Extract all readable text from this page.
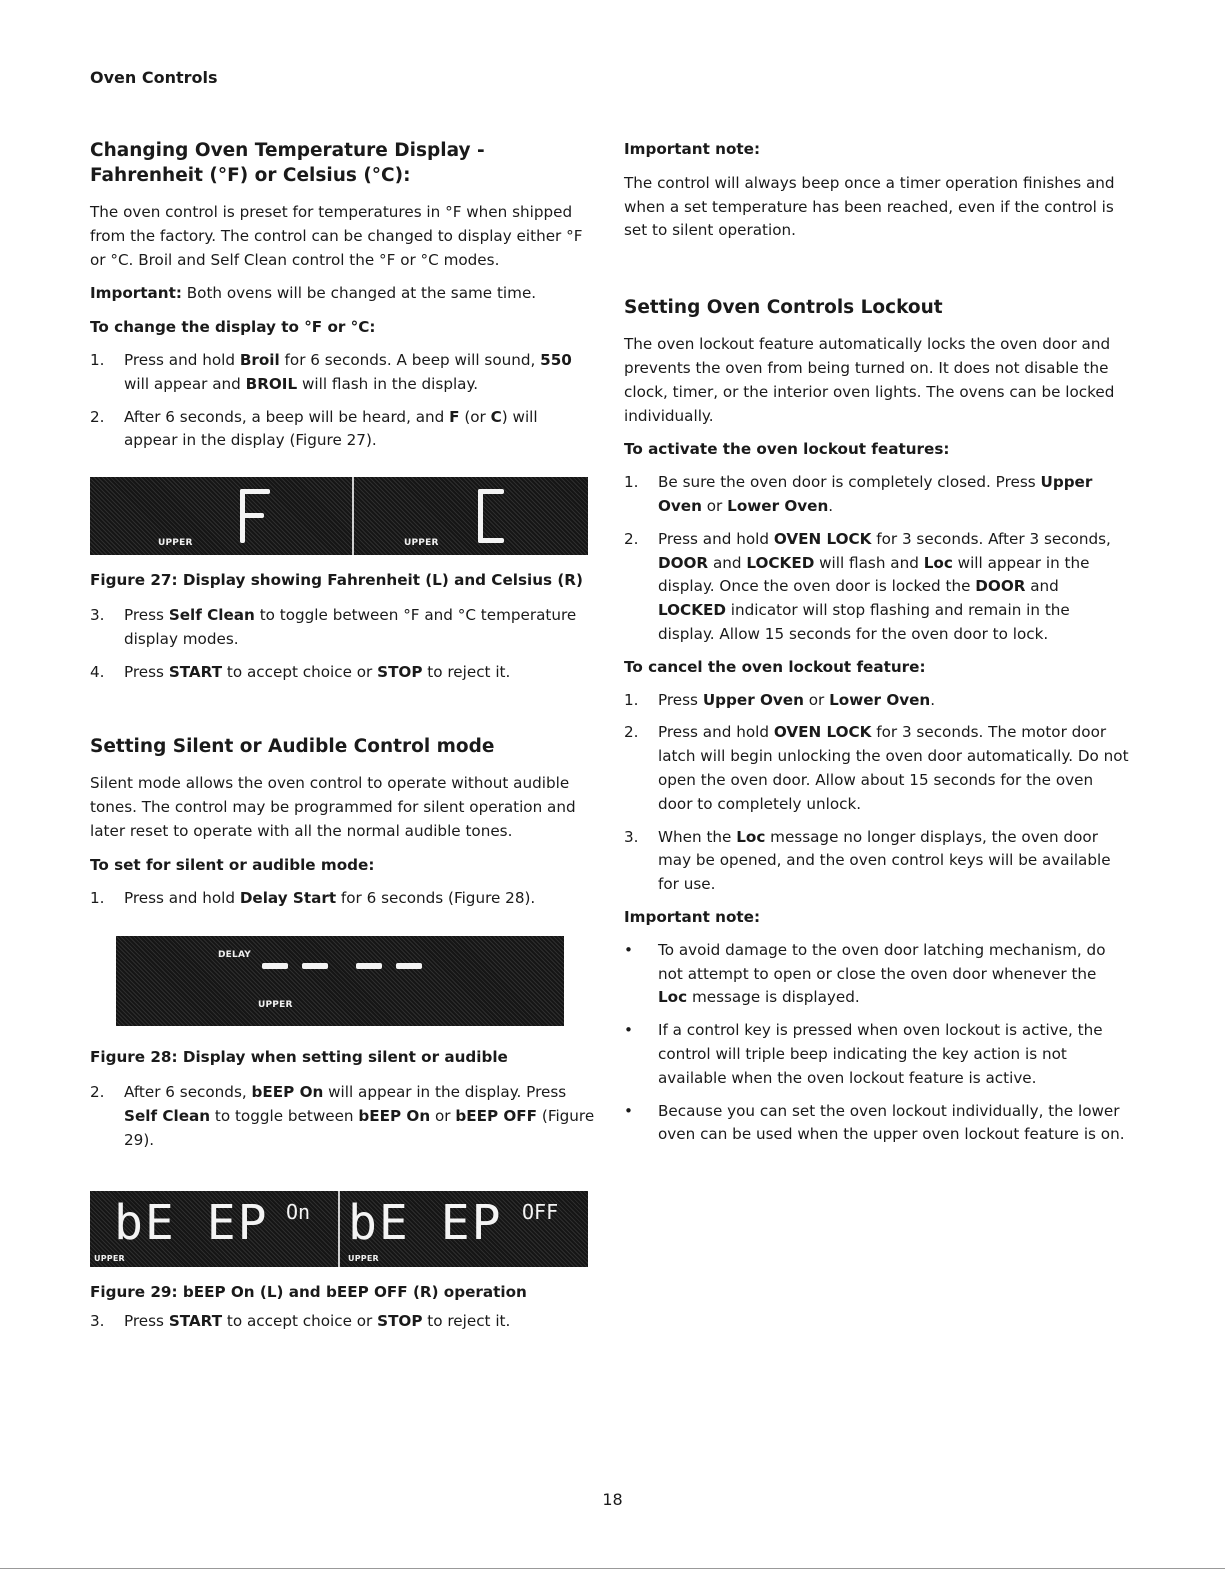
Oven Controls
Changing Oven Temperature Display - Fahrenheit (°F) or Celsius (°C):

The oven control is preset for temperatures in °F when shipped from the factory. The control can be changed to display either °F or °C. Broil and Self Clean control the °F or °C modes.

Important: Both ovens will be changed at the same time.

To change the display to °F or °C:
1. Press and hold Broil for 6 seconds. A beep will sound, 550 will appear and BROIL will flash in the display.
2. After 6 seconds, a beep will be heard, and F (or C) will appear in the display (Figure 27).
UPPER	UPPER
Figure 27: Display showing Fahrenheit (L) and Celsius (R)
3. Press Self Clean to toggle between °F and °C temperature display modes.
4. Press START to accept choice or STOP to reject it.
Setting Silent or Audible Control mode

Silent mode allows the oven control to operate without audible tones. The control may be programmed for silent operation and later reset to operate with all the normal audible tones.

To set for silent or audible mode:
1. Press and hold Delay Start for 6 seconds (Figure 28).
DELAY
UPPER
Figure 28: Display when setting silent or audible
2. After 6 seconds, bEEP On will appear in the display. Press Self Clean to toggle between bEEP On or bEEP OFF (Figure 29).
bE EP On bE EP OFF
UPPER	UPPER
Figure 29: bEEP On (L) and bEEP OFF (R) operation
3. Press START to accept choice or STOP to reject it.
Important note:

The control will always beep once a timer operation finishes and when a set temperature has been reached, even if the control is set to silent operation.

Setting Oven Controls Lockout

The oven lockout feature automatically locks the oven door and prevents the oven from being turned on. It does not disable the clock, timer, or the interior oven lights. The ovens can be locked individually.

To activate the oven lockout features:
1. Be sure the oven door is completely closed. Press Upper Oven or Lower Oven.
2. Press and hold OVEN LOCK for 3 seconds. After 3 seconds, DOOR and LOCKED will flash and Loc will appear in the display. Once the oven door is locked the DOOR and LOCKED indicator will stop flashing and remain in the display. Allow 15 seconds for the oven door to lock.
To cancel the oven lockout feature:
1. Press Upper Oven or Lower Oven.
2. Press and hold OVEN LOCK for 3 seconds. The motor door latch will begin unlocking the oven door automatically. Do not open the oven door. Allow about 15 seconds for the oven door to completely unlock.
3. When the Loc message no longer displays, the oven door may be opened, and the oven control keys will be available for use.
Important note:
• To avoid damage to the oven door latching mechanism, do not attempt to open or close the oven door whenever the Loc message is displayed.
• If a control key is pressed when oven lockout is active, the control will triple beep indicating the key action is not available when the oven lockout feature is active.
• Because you can set the oven lockout individually, the lower oven can be used when the upper oven lockout feature is on.
18
